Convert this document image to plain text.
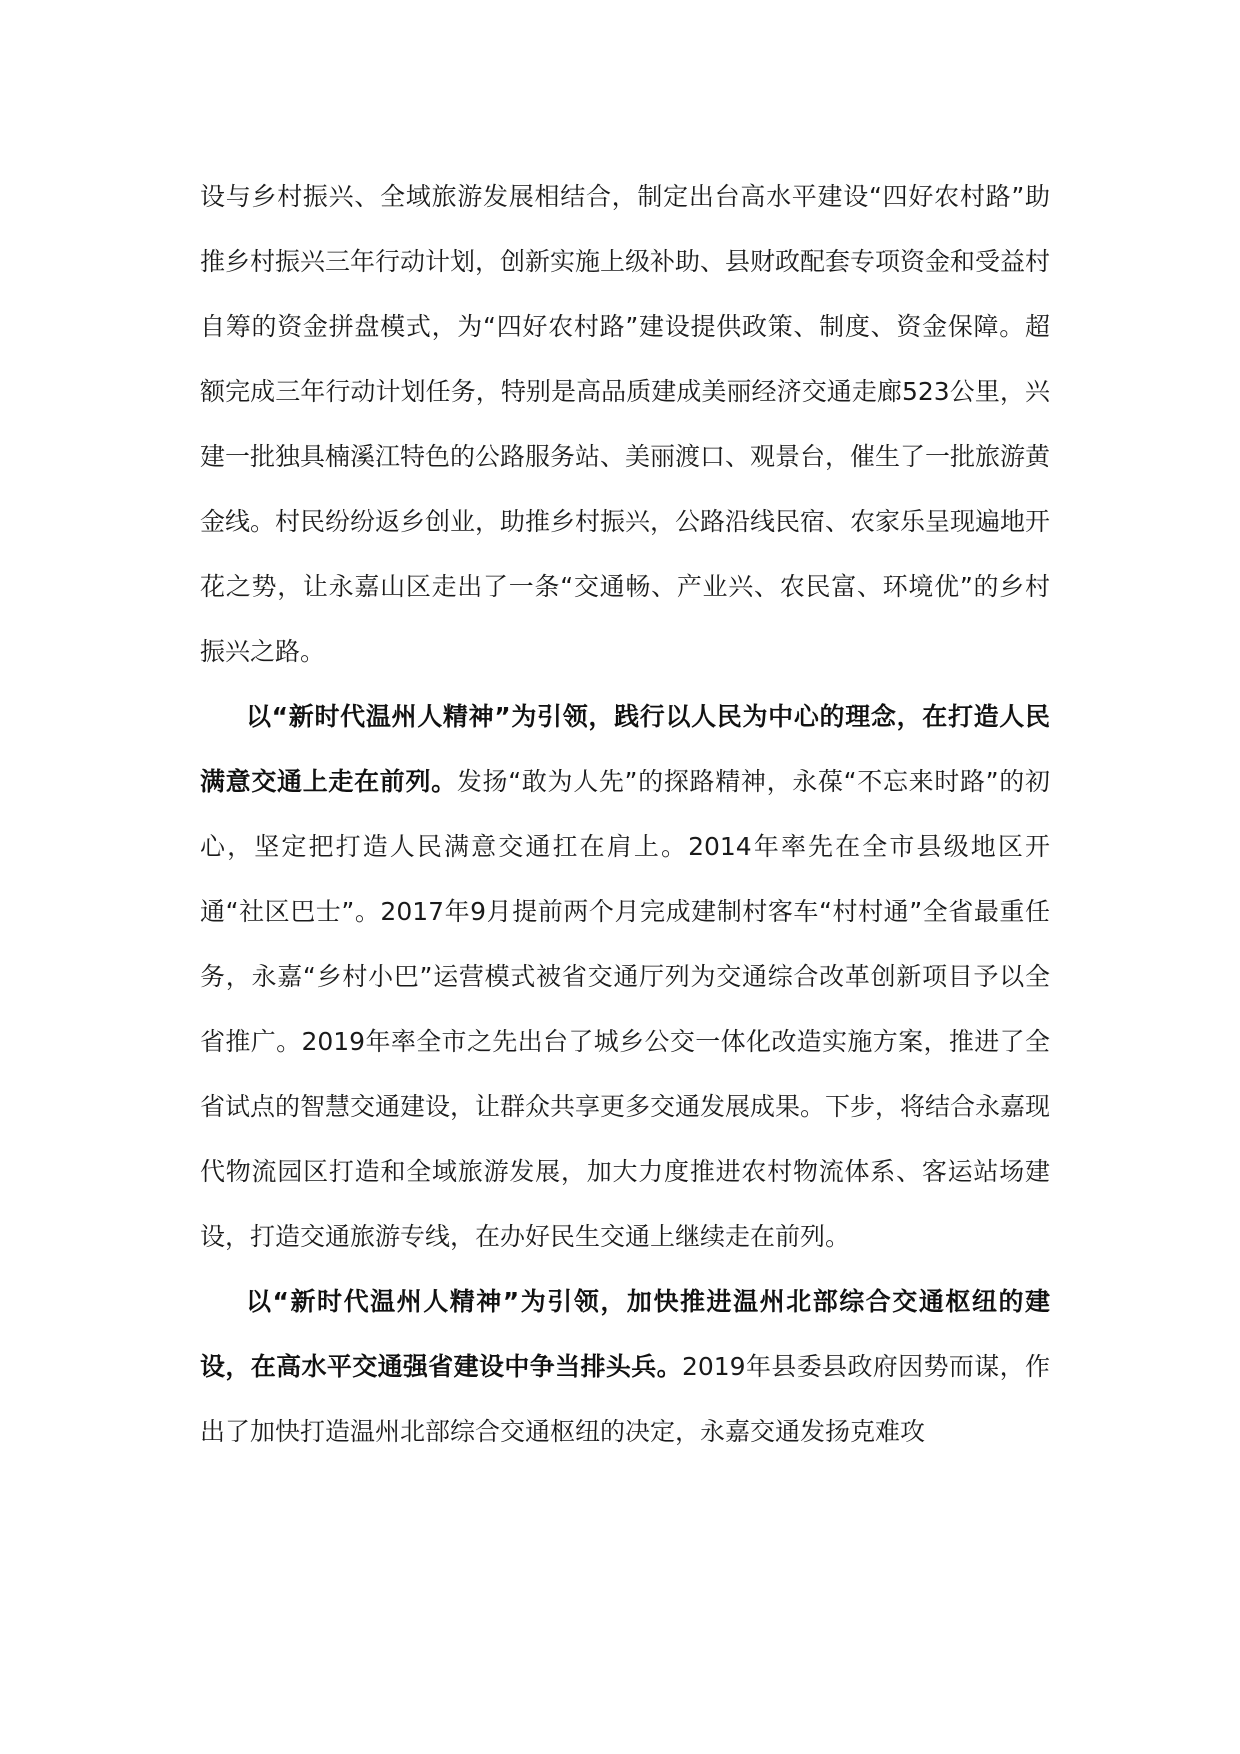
设与乡村振兴、全域旅游发展相结合，制定出台高水平建设“四好农村路”助推乡村振兴三年行动计划，创新实施上级补助、县财政配套专项资金和受益村自筹的资金拼盘模式，为“四好农村路”建设提供政策、制度、资金保障。超额完成三年行动计划任务，特别是高品质建成美丽经济交通走廊523公里，兴建一批独具楠溪江特色的公路服务站、美丽渡口、观景台，催生了一批旅游黄金线。村民纷纷返乡创业，助推乡村振兴，公路沿线民宿、农家乐呈现遍地开花之势，让永嘉山区走出了一条“交通畅、产业兴、农民富、环境优”的乡村振兴之路。

以“新时代温州人精神”为引领，践行以人民为中心的理念，在打造人民满意交通上走在前列。发扬“敢为人先”的探路精神，永葆“不忘来时路”的初心，坚定把打造人民满意交通扛在肩上。2014年率先在全市县级地区开通“社区巴士”。2017年9月提前两个月完成建制村客车“村村通”全省最重任务，永嘉“乡村小巴”运营模式被省交通厅列为交通综合改革创新项目予以全省推广。2019年率全市之先出台了城乡公交一体化改造实施方案，推进了全省试点的智慧交通建设，让群众共享更多交通发展成果。下步，将结合永嘉现代物流园区打造和全域旅游发展，加大力度推进农村物流体系、客运站场建设，打造交通旅游专线，在办好民生交通上继续走在前列。

以“新时代温州人精神”为引领，加快推进温州北部综合交通枢纽的建设，在高水平交通强省建设中争当排头兵。2019年县委县政府因势而谋，作出了加快打造温州北部综合交通枢纽的决定，永嘉交通发扬克难攻
